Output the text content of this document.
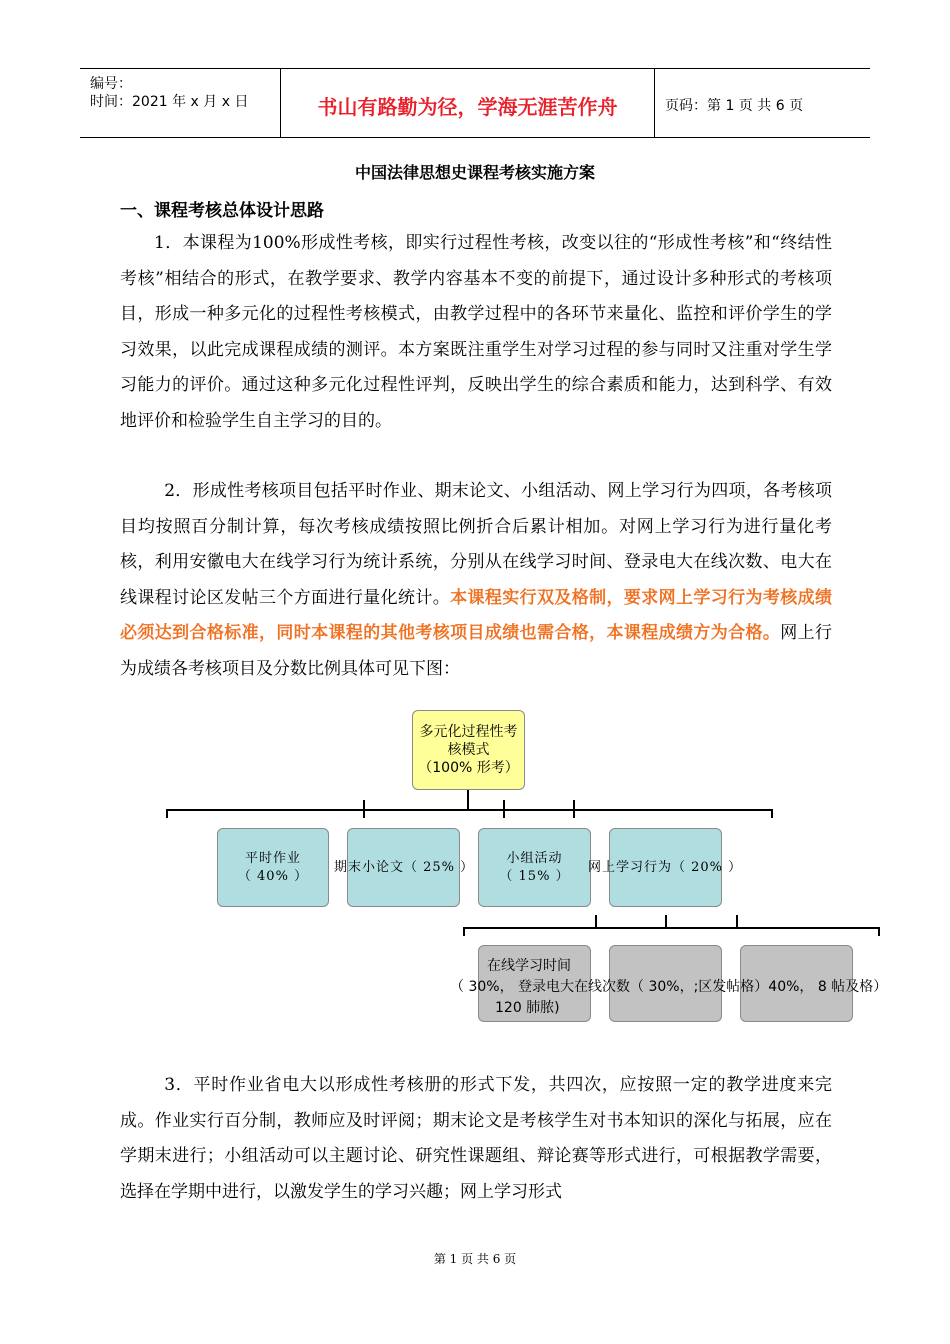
编号：
时间：2021 年 x 月 x 日	书山有路勤为径，学海无涯苦作舟	页码：第 1 页 共 6 页
中国法律思想史课程考核实施方案
一、课程考核总体设计思路

1．本课程为100%形成性考核，即实行过程性考核，改变以往的“形成性考核”和“终结性考核”相结合的形式，在教学要求、教学内容基本不变的前提下，通过设计多种形式的考核项目，形成一种多元化的过程性考核模式，由教学过程中的各环节来量化、监控和评价学生的学习效果，以此完成课程成绩的测评。本方案既注重学生对学习过程的参与同时又注重对学生学习能力的评价。通过这种多元化过程性评判，反映出学生的综合素质和能力，达到科学、有效地评价和检验学生自主学习的目的。

2．形成性考核项目包括平时作业、期末论文、小组活动、网上学习行为四项，各考核项目均按照百分制计算，每次考核成绩按照比例折合后累计相加。对网上学习行为进行量化考核，利用安徽电大在线学习行为统计系统，分别从在线学习时间、登录电大在线次数、电大在线课程讨论区发帖三个方面进行量化统计。本课程实行双及格制，要求网上学习行为考核成绩必须达到合格标准，同时本课程的其他考核项目成绩也需合格，本课程成绩方为合格。网上行为成绩各考核项目及分数比例具体可见下图：

多元化过程性考核模式
（100% 形考）
平时作业
（ 40% ）
期末小论文（ 25% ）
小组活动
（ 15% ）
网上学习行为（ 20% ）
在线学习时间
（ 30%， 登录电大在线次数（ 30%，;区发帖格）40%， 8 帖及格）
120 肺脓)

3．平时作业省电大以形成性考核册的形式下发，共四次，应按照一定的教学进度来完成。作业实行百分制，教师应及时评阅；期末论文是考核学生对书本知识的深化与拓展，应在学期末进行；小组活动可以主题讨论、研究性课题组、辩论赛等形式进行，可根据教学需要，选择在学期中进行，以激发学生的学习兴趣；网上学习形式

第 1 页 共 6 页
